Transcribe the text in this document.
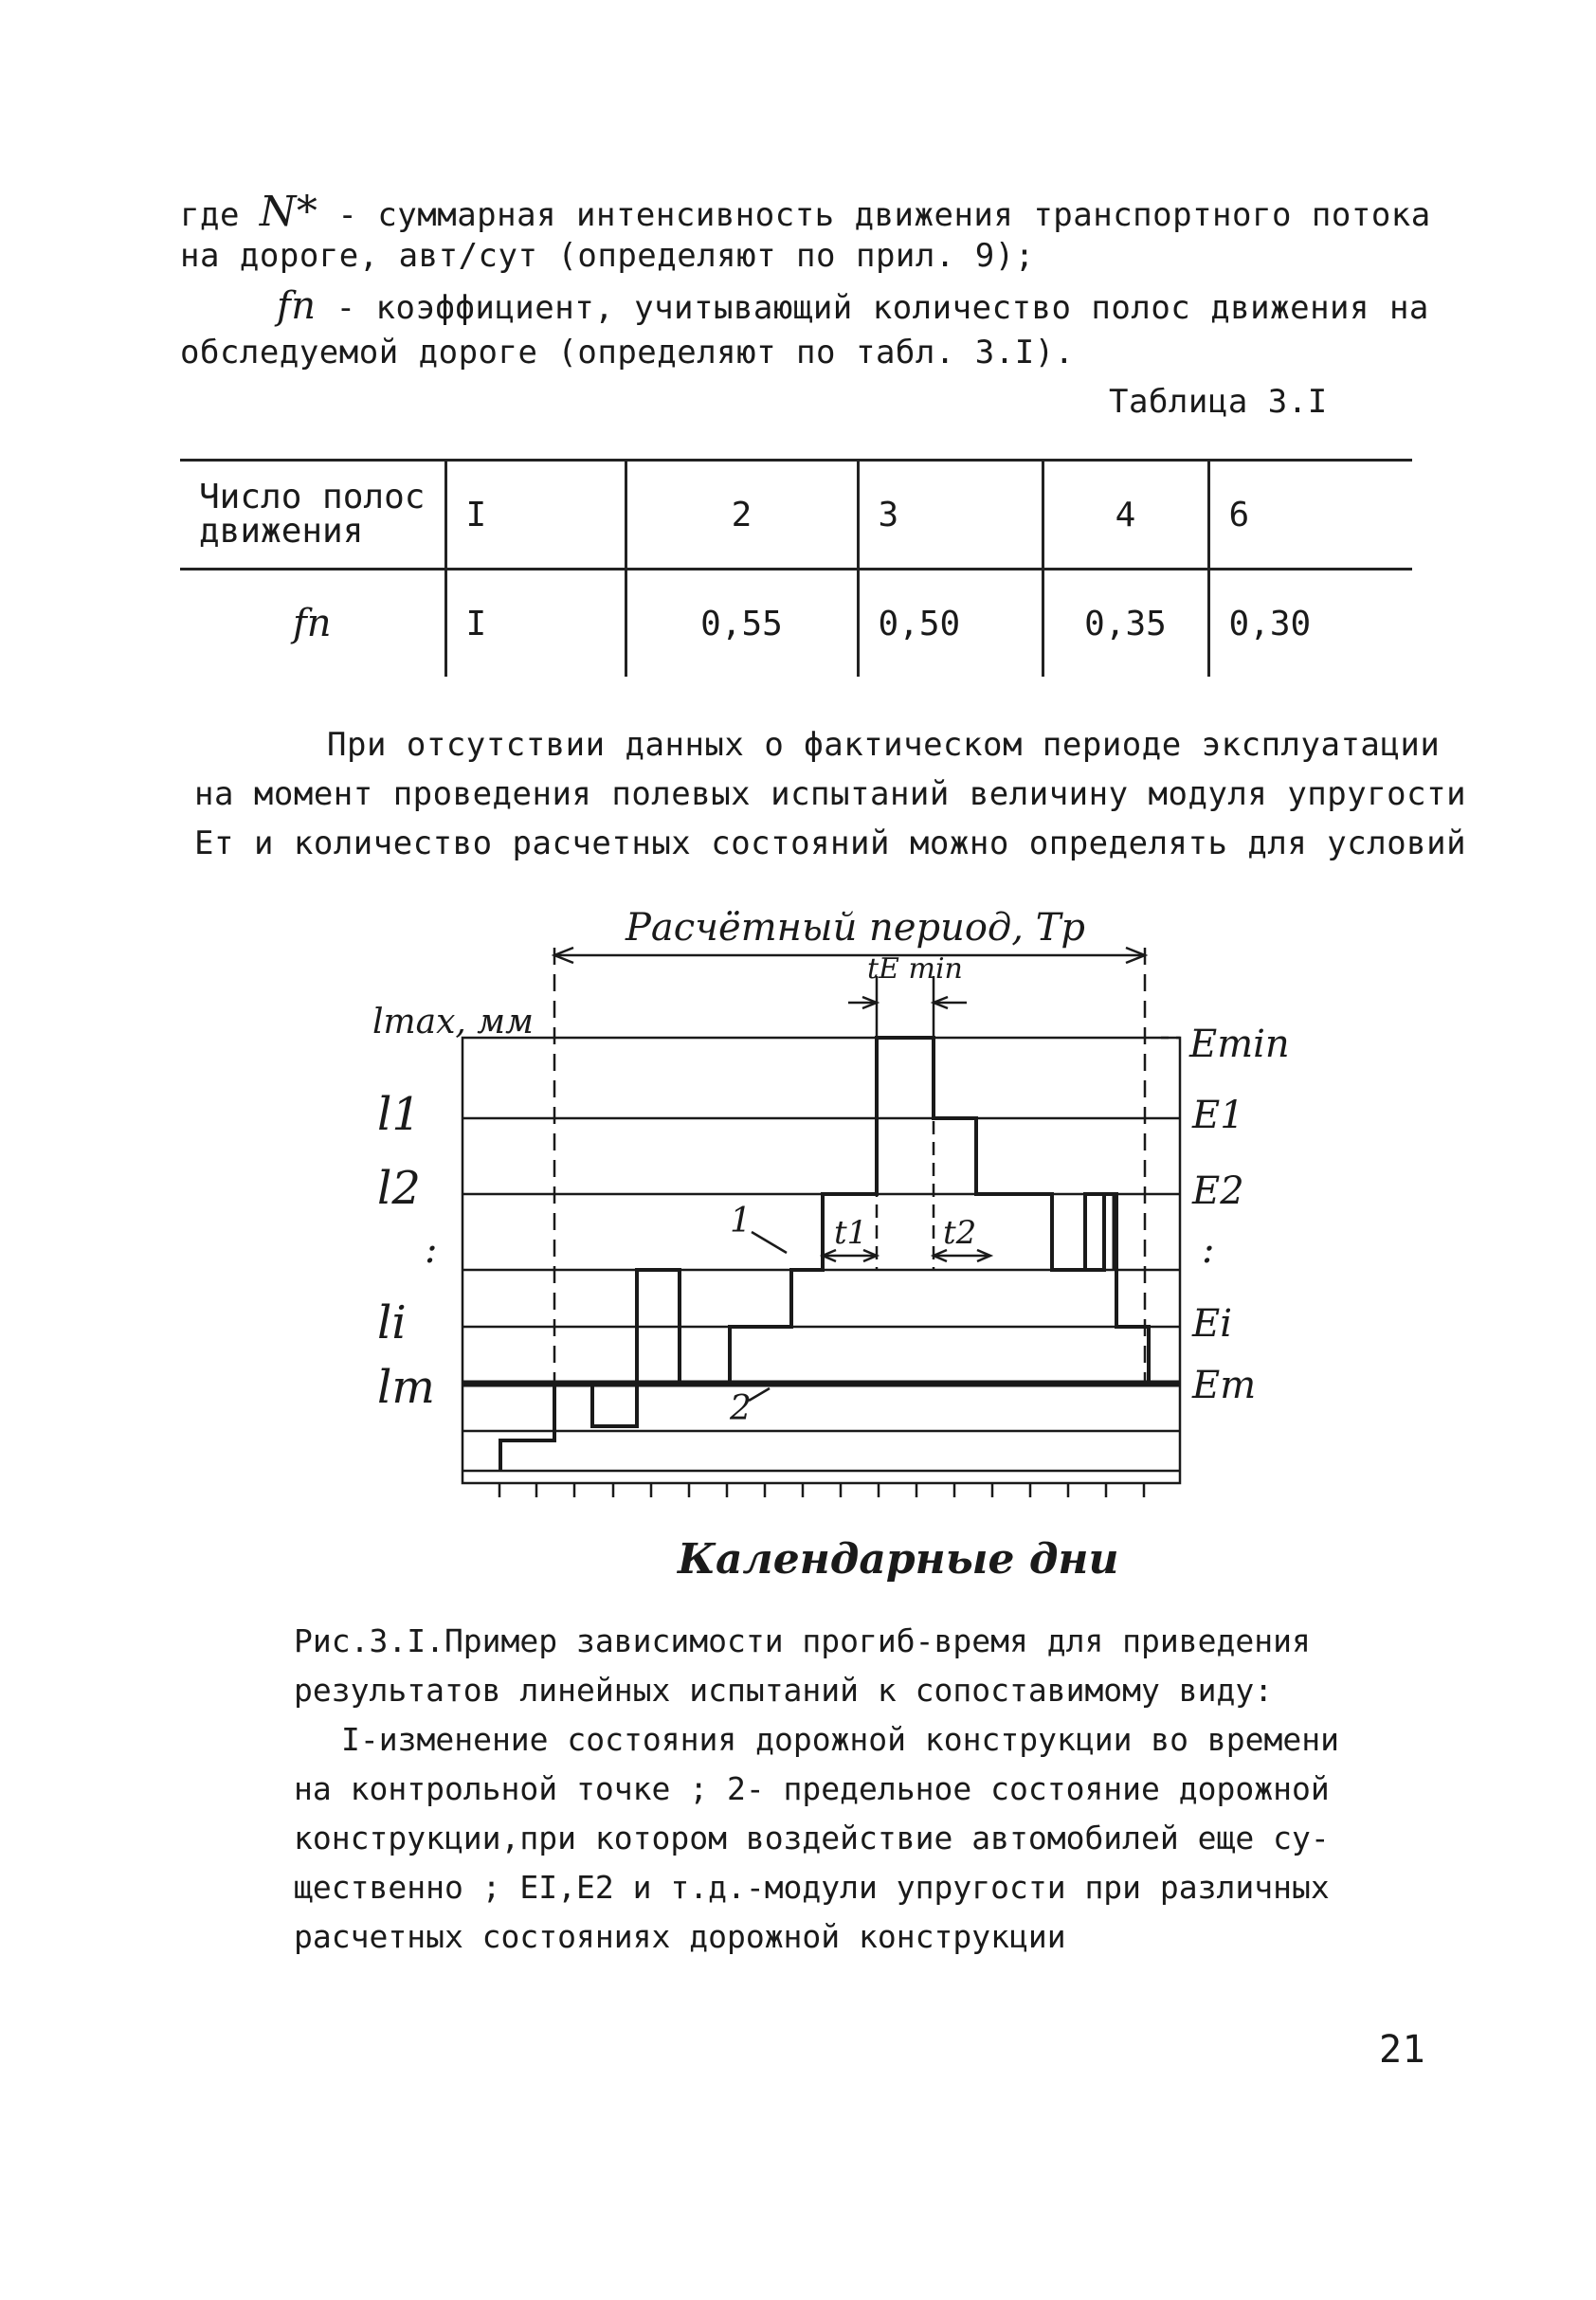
где N* - суммарная интенсивность движения транспортного потока
на дороге, авт/сут (определяют по прил. 9);
fn - коэффициент, учитывающий количество полос движения на
обследуемой дороге (определяют по табл. 3.I).
Таблица 3.I
Число полос движения	I	2	3	4	6
fn	I	0,55	0,50	0,35	0,30
При отсутствии данных о фактическом периоде эксплуатации
на момент проведения полевых испытаний величину модуля упругости
Eт и количество расчетных состояний можно определять для условий
Расчётный период, Тр
tE min
lmax, мм
l1
l2
:
li
lт
Emin
E1
E2
:
Ei
Eт
t1 t2
1
2
Календарные дни
Рис.3.I.Пример зависимости прогиб-время для приведения
результатов линейных испытаний к сопоставимому виду:
I-изменение состояния дорожной конструкции во времени
на контрольной точке ; 2- предельное состояние дорожной
конструкции,при котором воздействие автомобилей еще су-
щественно ; EI,E2 и т.д.-модули упругости при различных
расчетных состояниях дорожной конструкции
21
